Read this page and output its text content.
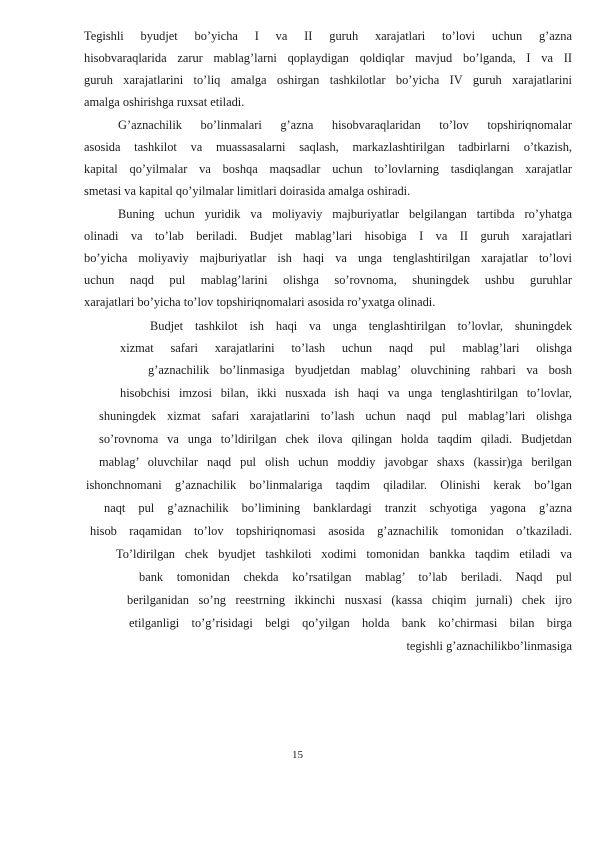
Tegishli byudjet bo’yicha I va II guruh xarajatlari to’lovi uchun g’azna
hisobvaraqlarida zarur mablag’larni qoplaydigan qoldiqlar mavjud bo’lganda, I va II
guruh xarajatlarini to’liq amalga oshirgan tashkilotlar bo’yicha IV guruh xarajatlarini
amalga oshirishga ruxsat etiladi.
G’aznachilik bo’linmalari g’azna hisobvaraqlaridan to’lov topshiriqnomalar
asosida tashkilot va muassasalarni saqlash, markazlashtirilgan tadbirlarni o’tkazish,
kapital qo’yilmalar va boshqa maqsadlar uchun to’lovlarning tasdiqlangan xarajatlar
smetasi va kapital qo’yilmalar limitlari doirasida amalga oshiradi.
Buning uchun yuridik va moliyaviy majburiyatlar belgilangan tartibda ro’yhatga
olinadi va to’lab beriladi. Budjet mablag’lari hisobiga I va II guruh xarajatlari
bo’yicha moliyaviy majburiyatlar ish haqi va unga tenglashtirilgan xarajatlar to’lovi
uchun naqd pul mablag’larini olishga so’rovnoma, shuningdek ushbu guruhlar
xarajatlari bo’yicha to’lov topshiriqnomalari asosida ro’yxatga olinadi.
Budjet tashkilot ish haqi va unga tenglashtirilgan to’lovlar, shuningdek
xizmat safari xarajatlarini to’lash uchun naqd pul mablag’lari olishga
g’aznachilik bo’linmasiga byudjetdan mablag’ oluvchining rahbari va bosh
hisobchisi imzosi bilan, ikki nusxada ish haqi va unga tenglashtirilgan to’lovlar,
shuningdek xizmat safari xarajatlarini to’lash uchun naqd pul mablag’lari olishga
so’rovnoma va unga to’ldirilgan chek ilova qilingan holda taqdim qiladi. Budjetdan
mablag’ oluvchilar naqd pul olish uchun moddiy javobgar shaxs (kassir)ga berilgan
ishonchnomani g’aznachilik bo’linmalariga taqdim qiladilar. Olinishi kerak bo’lgan
naqt pul g’aznachilik bo’limining banklardagi tranzit schyotiga yagona g’azna
hisob raqamidan to’lov topshiriqnomasi asosida g’aznachilik tomonidan o’tkaziladi.
To’ldirilgan chek byudjet tashkiloti xodimi tomonidan bankka taqdim etiladi va
bank tomonidan chekda ko’rsatilgan mablag’ to’lab beriladi. Naqd pul
berilganidan so’ng reestrning ikkinchi nusxasi (kassa chiqim jurnali) chek ijro
etilganligi to’g’risidagi belgi qo’yilgan holda bank ko’chirmasi bilan birga
tegishli g’aznachilikbo’linmasiga
15
